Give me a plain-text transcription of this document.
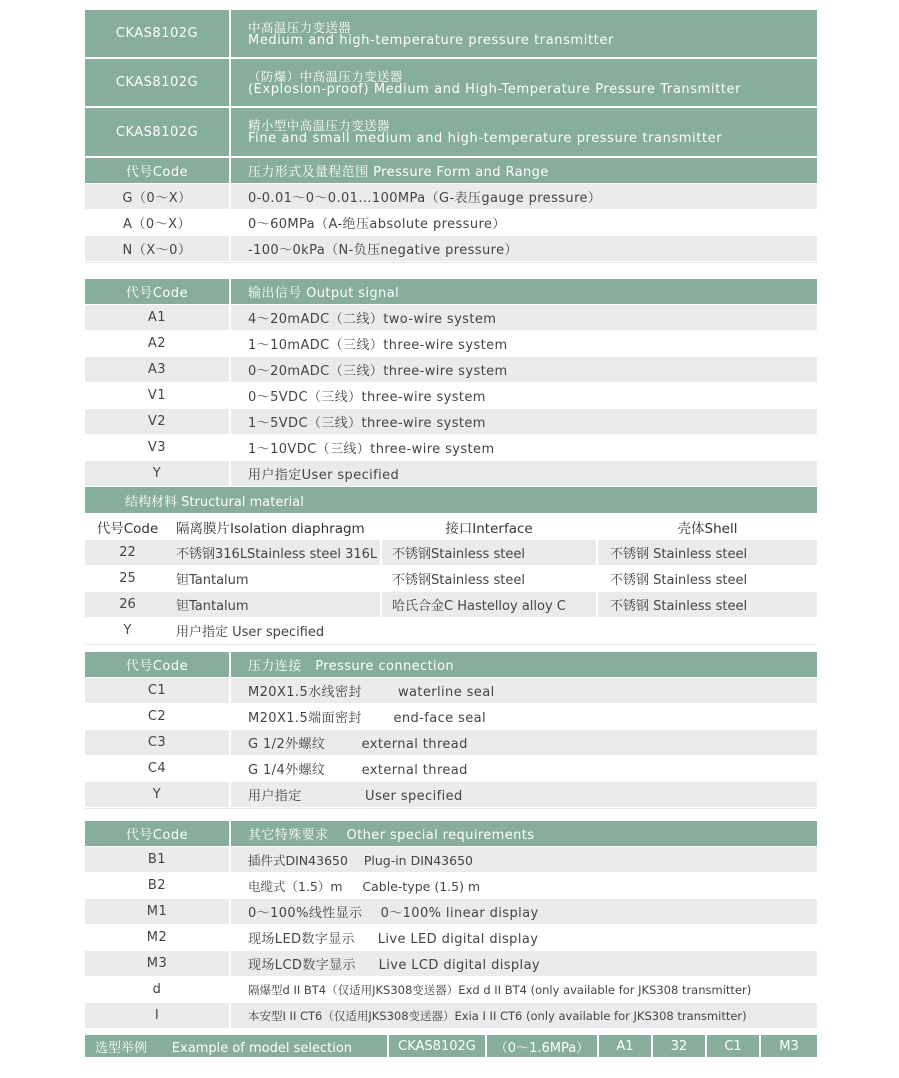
CKAS8102G	中高温压力变送器
Medium and high-temperature pressure transmitter
CKAS8102G	（防爆）中高温压力变送器
(Explosion-proof) Medium and High-Temperature Pressure Transmitter
CKAS8102G	精小型中高温压力变送器
Fine and small medium and high-temperature pressure transmitter
代号Code	压力形式及量程范围 Pressure Form and Range
G（0～X）	0-0.01～0～0.01...100MPa（G-表压gauge pressure）
A（0～X）	0～60MPa（A-绝压absolute pressure）
N（X～0）	-100～0kPa（N-负压negative pressure）
代号Code	输出信号 Output signal
A1	4～20mADC（二线）two-wire system
A2	1～10mADC（三线）three-wire system
A3	0～20mADC（三线）three-wire system
V1	0～5VDC（三线）three-wire system
V2	1～5VDC（三线）three-wire system
V3	1～10VDC（三线）three-wire system
Y	用户指定User specified
结构材料 Structural material
代号Code	隔离膜片Isolation diaphragm	接口Interface	壳体Shell
22	不锈钢316LStainless steel 316L	不锈钢Stainless steel	不锈钢 Stainless steel
25	钽Tantalum	不锈钢Stainless steel	不锈钢 Stainless steel
26	钽Tantalum	哈氏合金C Hastelloy alloy C	不锈钢 Stainless steel
Y	用户指定 User specified
代号Code	压力连接   Pressure connection
C1	M20X1.5水线密封        waterline seal
C2	M20X1.5端面密封       end-face seal
C3	G 1/2外螺纹        external thread
C4	G 1/4外螺纹        external thread
Y	用户指定              User specified
代号Code	其它特殊要求    Other special requirements
B1	插件式DIN43650    Plug-in DIN43650
B2	电缆式（1.5）m     Cable-type (1.5) m
M1	0～100%线性显示    0～100% linear display
M2	现场LED数字显示     Live LED digital display
M3	现场LCD数字显示     Live LCD digital display
d	隔爆型d II BT4（仅适用JKS308变送器）Exd d II BT4 (only available for JKS308 transmitter)
I	本安型I II CT6（仅适用JKS308变送器）Exia I II CT6 (only available for JKS308 transmitter)
选型举例      Example of model selection	CKAS8102G	（0～1.6MPa）	A1	32	C1	M3
